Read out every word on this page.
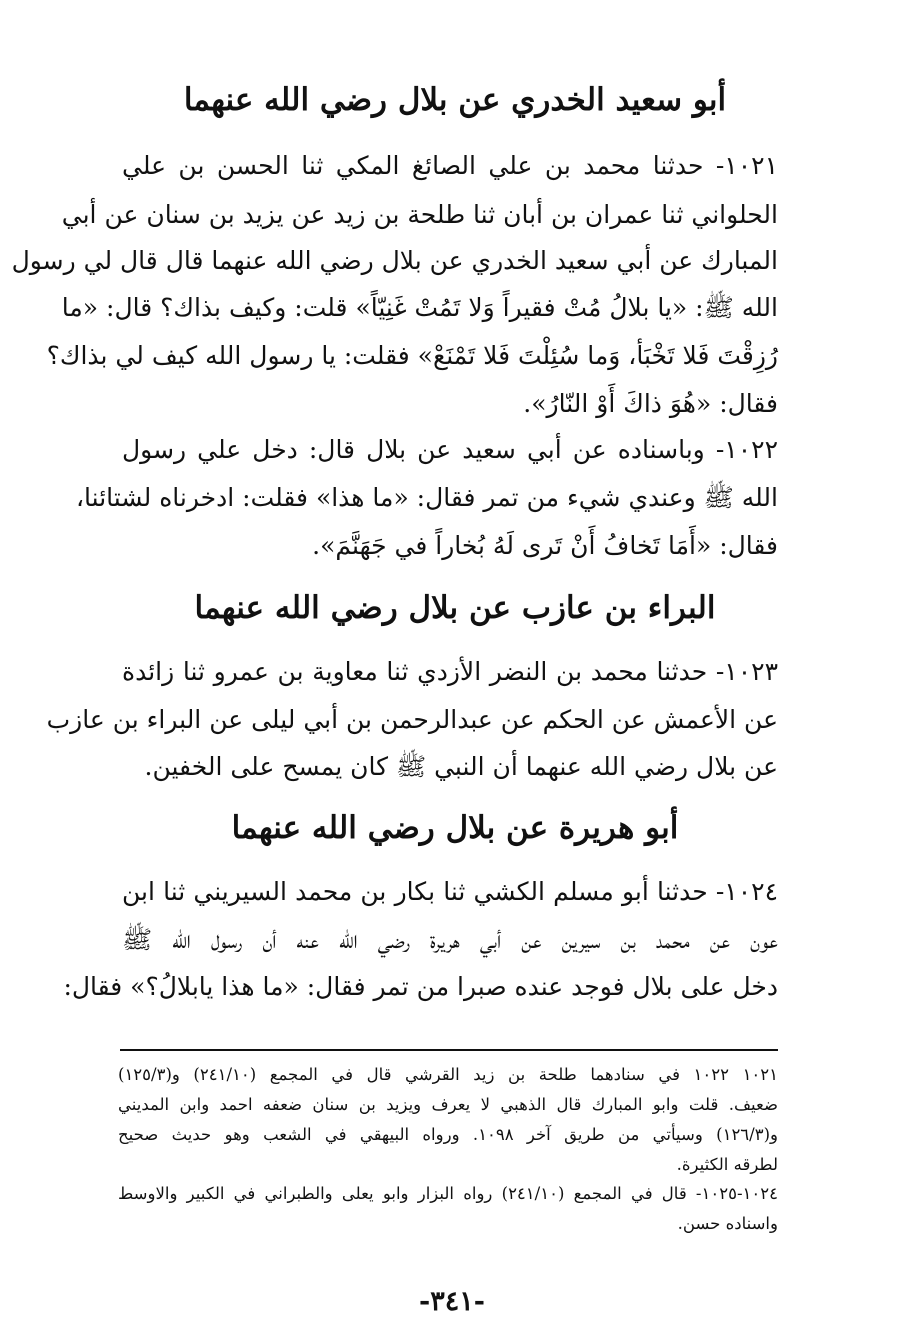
أبو سعيد الخدري عن بلال رضي الله عنهما
١٠٢١- حدثنا محمد بن علي الصائغ المكي ثنا الحسن بن علي
الحلواني ثنا عمران بن أبان ثنا طلحة بن زيد عن يزيد بن سنان عن أبي
المبارك عن أبي سعيد الخدري عن بلال رضي الله عنهما قال قال لي رسول
الله ﷺ: «يا بلالُ مُتْ فقيراً وَلا تَمُتْ غَنِيّاً» قلت: وكيف بذاك؟ قال: «ما
رُزِقْتَ فَلا تَخْبَأ، وَما سُئِلْتَ فَلا تَمْنَعْ» فقلت: يا رسول الله كيف لي بذاك؟
فقال: «هُوَ ذاكَ أَوْ النّارُ».
١٠٢٢- وباسناده عن أبي سعيد عن بلال قال: دخل علي رسول
الله ﷺ وعندي شيء من تمر فقال: «ما هذا» فقلت: ادخرناه لشتائنا،
فقال: «أَمَا تَخافُ أَنْ تَرى لَهُ بُخاراً في جَهَنَّمَ».
البراء بن عازب عن بلال رضي الله عنهما
١٠٢٣- حدثنا محمد بن النضر الأزدي ثنا معاوية بن عمرو ثنا زائدة
عن الأعمش عن الحكم عن عبدالرحمن بن أبي ليلى عن البراء بن عازب
عن بلال رضي الله عنهما أن النبي ﷺ كان يمسح على الخفين.
أبو هريرة عن بلال رضي الله عنهما
١٠٢٤- حدثنا أبو مسلم الكشي ثنا بكار بن محمد السيريني ثنا ابن
عون عن محمد بن سيرين عن أبي هريرة رضي الله عنه أن رسول الله ﷺ
دخل على بلال فوجد عنده صبرا من تمر فقال: «ما هذا يابلالُ؟» فقال:
١٠٢١ ١٠٢٢ في سنادهما طلحة بن زيد القرشي قال في المجمع (٢٤١/١٠) و(١٢٥/٣)
ضعيف. قلت وابو المبارك قال الذهبي لا يعرف ويزيد بن سنان ضعفه احمد وابن المديني
و(١٢٦/٣) وسيأتي من طريق آخر ١٠٩٨. ورواه البيهقي في الشعب وهو حديث صحيح
لطرقه الكثيرة.
١٠٢٤-١٠٢٥- قال في المجمع (٢٤١/١٠) رواه البزار وابو يعلى والطبراني في الكبير والاوسط
واسناده حسن.
-٣٤١-
